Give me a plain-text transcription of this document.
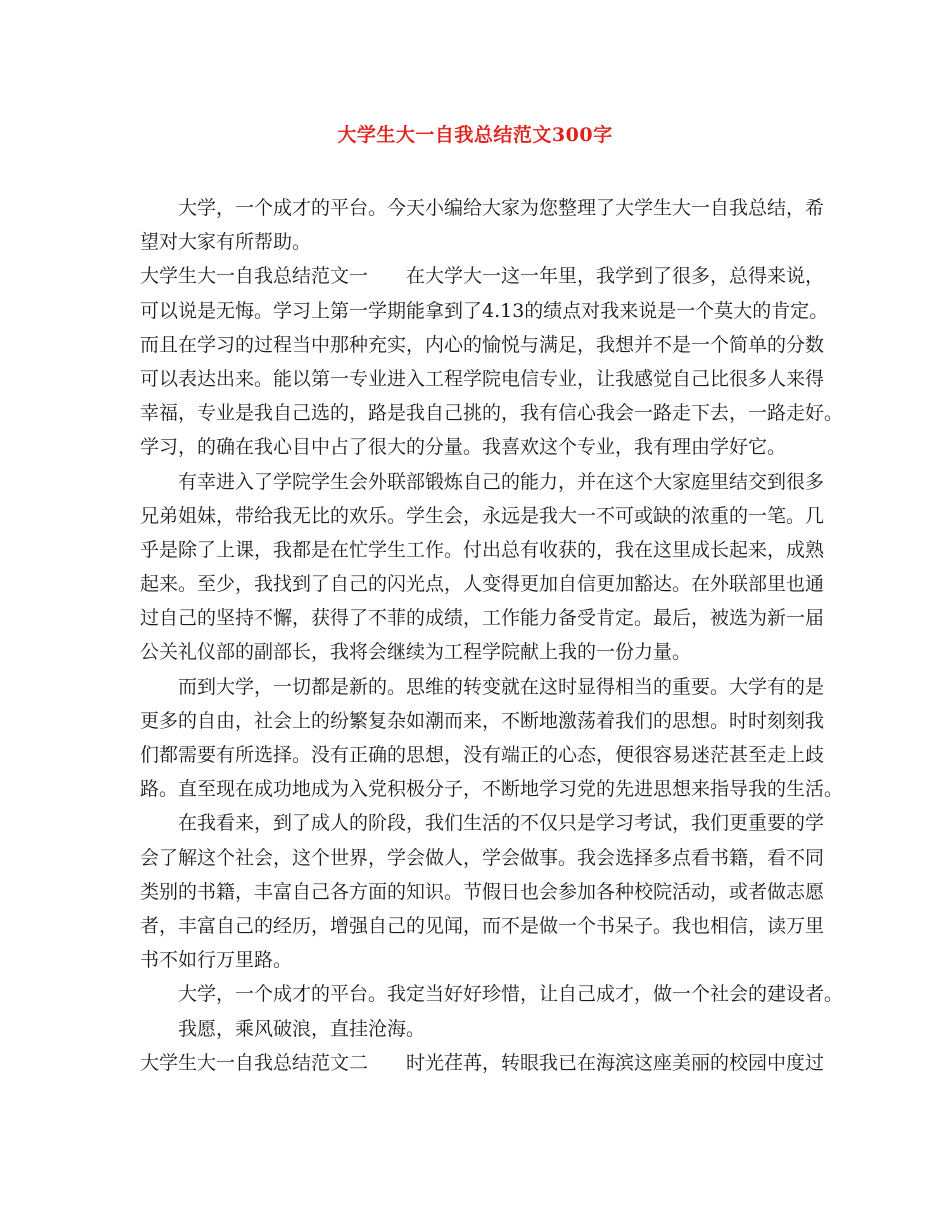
大学生大一自我总结范文300字
大学，一个成才的平台。今天小编给大家为您整理了大学生大一自我总结，希
望对大家有所帮助。
大学生大一自我总结范文一　　在大学大一这一年里，我学到了很多，总得来说，
可以说是无悔。学习上第一学期能拿到了4.13的绩点对我来说是一个莫大的肯定。
而且在学习的过程当中那种充实，内心的愉悦与满足，我想并不是一个简单的分数
可以表达出来。能以第一专业进入工程学院电信专业，让我感觉自己比很多人来得
幸福，专业是我自己选的，路是我自己挑的，我有信心我会一路走下去，一路走好。
学习，的确在我心目中占了很大的分量。我喜欢这个专业，我有理由学好它。
有幸进入了学院学生会外联部锻炼自己的能力，并在这个大家庭里结交到很多
兄弟姐妹，带给我无比的欢乐。学生会，永远是我大一不可或缺的浓重的一笔。几
乎是除了上课，我都是在忙学生工作。付出总有收获的，我在这里成长起来，成熟
起来。至少，我找到了自己的闪光点，人变得更加自信更加豁达。在外联部里也通
过自己的坚持不懈，获得了不菲的成绩，工作能力备受肯定。最后，被选为新一届
公关礼仪部的副部长，我将会继续为工程学院献上我的一份力量。
而到大学，一切都是新的。思维的转变就在这时显得相当的重要。大学有的是
更多的自由，社会上的纷繁复杂如潮而来，不断地激荡着我们的思想。时时刻刻我
们都需要有所选择。没有正确的思想，没有端正的心态，便很容易迷茫甚至走上歧
路。直至现在成功地成为入党积极分子，不断地学习党的先进思想来指导我的生活。
在我看来，到了成人的阶段，我们生活的不仅只是学习考试，我们更重要的学
会了解这个社会，这个世界，学会做人，学会做事。我会选择多点看书籍，看不同
类别的书籍，丰富自己各方面的知识。节假日也会参加各种校院活动，或者做志愿
者，丰富自己的经历，增强自己的见闻，而不是做一个书呆子。我也相信，读万里
书不如行万里路。
大学，一个成才的平台。我定当好好珍惜，让自己成才，做一个社会的建设者。
我愿，乘风破浪，直挂沧海。
大学生大一自我总结范文二　　时光荏苒，转眼我已在海滨这座美丽的校园中度过
